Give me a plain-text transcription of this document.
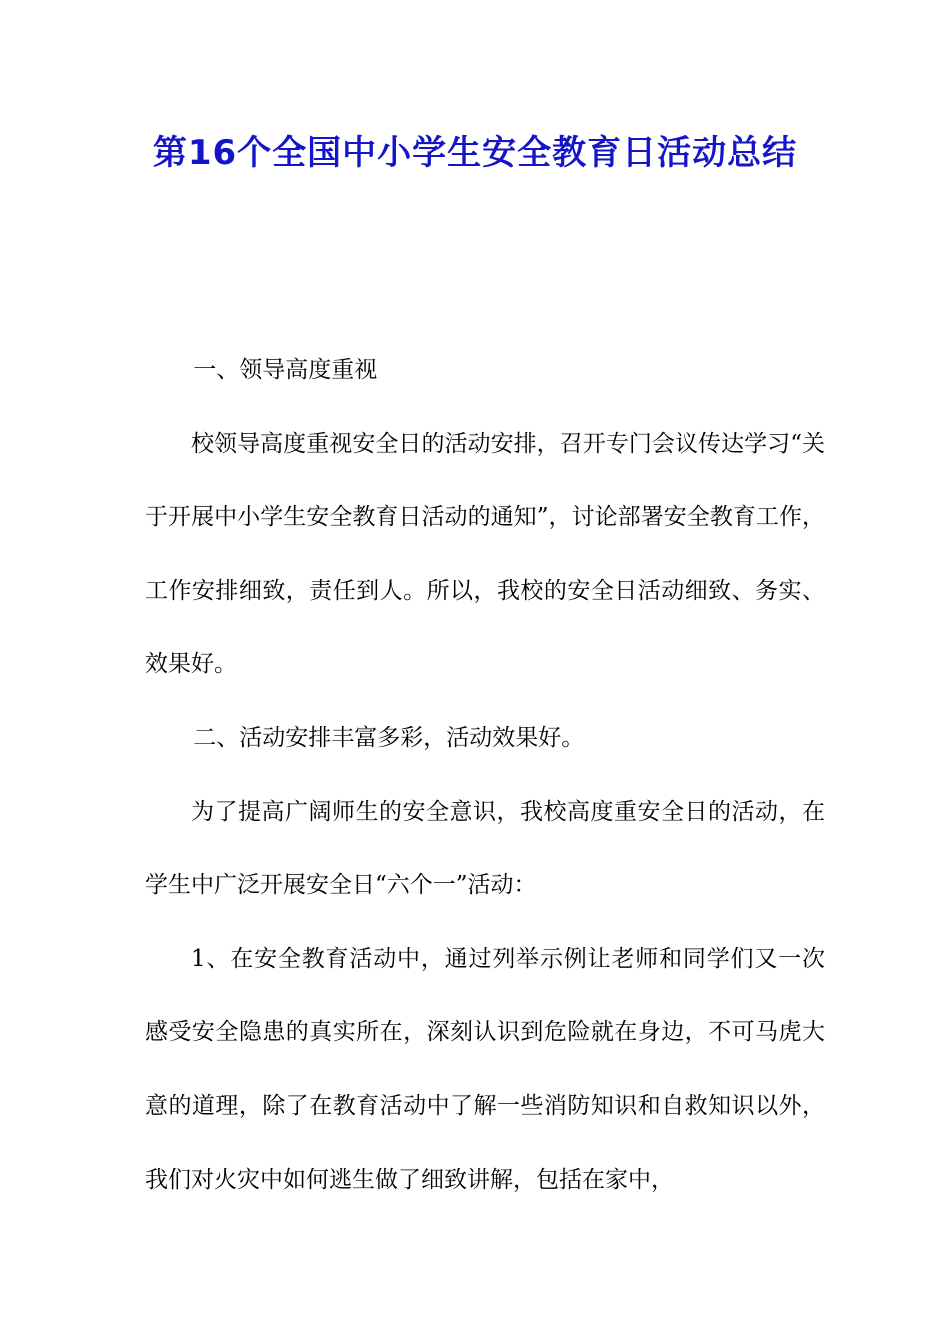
第16个全国中小学生安全教育日活动总结

一、领导高度重视

校领导高度重视安全日的活动安排，召开专门会议传达学习“关于开展中小学生安全教育日活动的通知”，讨论部署安全教育工作，工作安排细致，责任到人。所以，我校的安全日活动细致、务实、效果好。

二、活动安排丰富多彩，活动效果好。

为了提高广阔师生的安全意识，我校高度重安全日的活动，在学生中广泛开展安全日“六个一”活动：

1、在安全教育活动中，通过列举示例让老师和同学们又一次感受安全隐患的真实所在，深刻认识到危险就在身边，不可马虎大意的道理，除了在教育活动中了解一些消防知识和自救知识以外，我们对火灾中如何逃生做了细致讲解，包括在家中，
